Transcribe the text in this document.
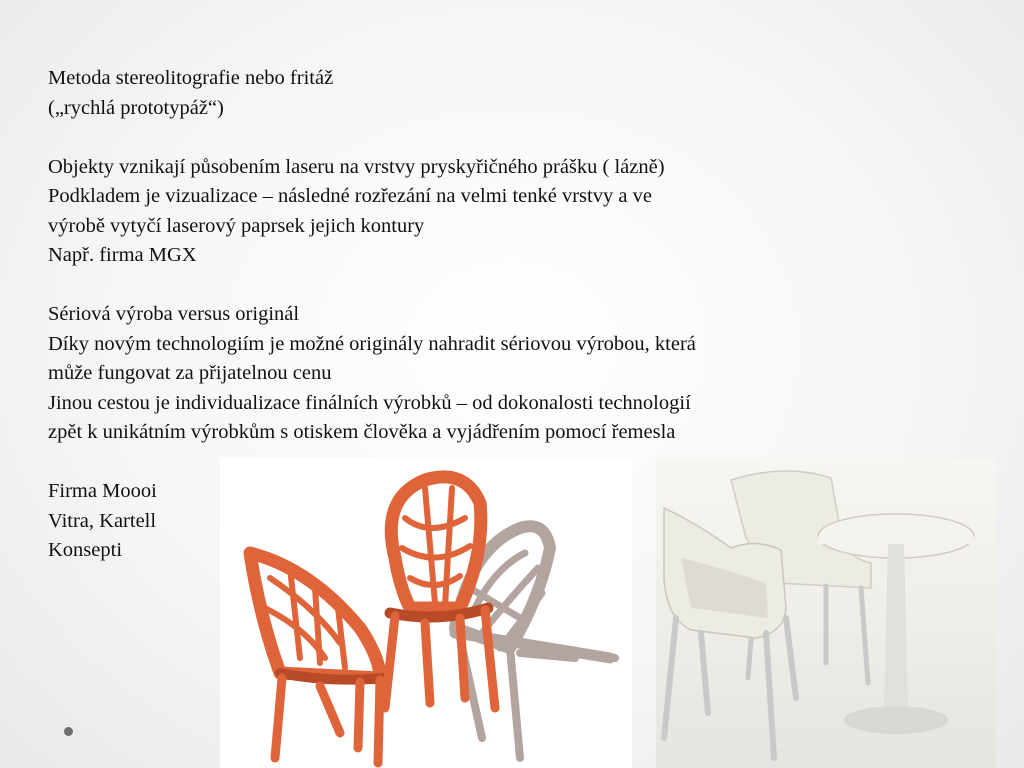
Metoda stereolitografie nebo fritáž

(„rychlá prototypáž“)

Objekty vznikají působením laseru na vrstvy pryskyřičného prášku ( lázně)

Podkladem je vizualizace – následné rozřezání na velmi tenké vrstvy a ve

výrobě vytyčí laserový paprsek jejich kontury

Např. firma MGX

Sériová výroba versus originál

Díky novým technologiím je možné originály nahradit sériovou výrobou, která

může fungovat za přijatelnou cenu

Jinou cestou je individualizace finálních výrobků – od dokonalosti technologií

zpět k unikátním výrobkům s otiskem člověka a vyjádřením pomocí řemesla

Firma Moooi

Vitra, Kartell

Konsepti
